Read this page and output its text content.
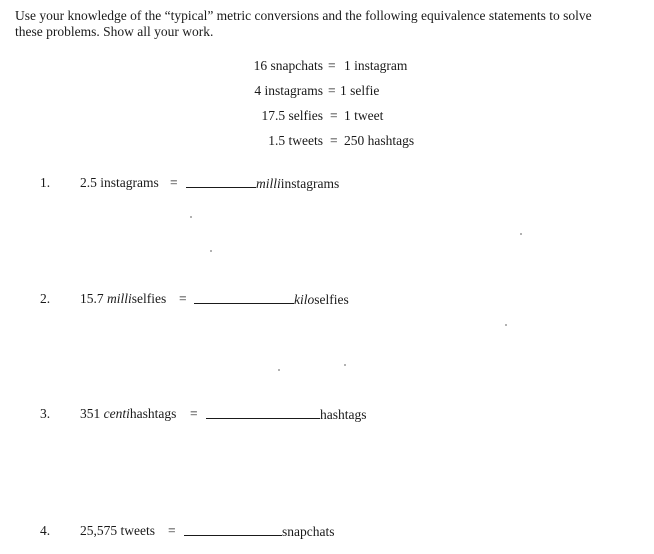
Use your knowledge of the “typical” metric conversions and the following equivalence statements to solve
these problems. Show all your work.
16 snapchats = 1 instagram
4 instagrams = 1 selfie
17.5 selfies = 1 tweet
1.5 tweets = 250 hashtags
1. 2.5 instagrams =	milliinstagrams
2. 15.7 milliselfies =	kiloselfies
3. 351 centihashtags =	hashtags
4. 25,575 tweets =	snapchats
